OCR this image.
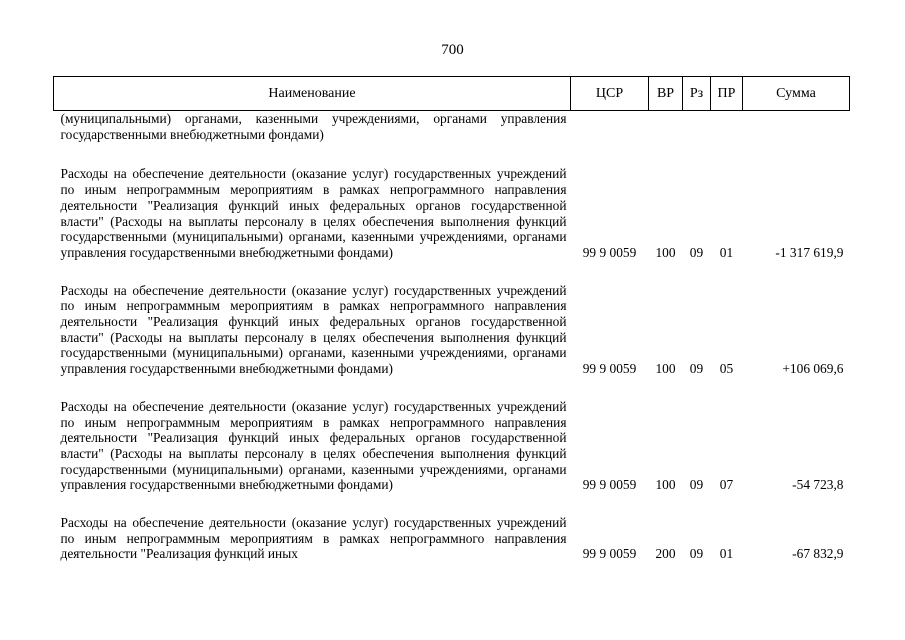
700
Наименование	ЦСР	ВР	Рз	ПР	Сумма

(муниципальными) органами, казенными учреждениями, органами управления государственными внебюджетными фондами)					

Расходы на обеспечение деятельности (оказание услуг) государственных учреждений по иным непрограммным мероприятиям в рамках непрограммного направления деятельности "Реализация функций иных федеральных органов государственной власти" (Расходы на выплаты персоналу в целях обеспечения выполнения функций государственными (муниципальными) органами, казенными учреждениями, органами управления государственными внебюджетными фондами)	99 9 0059	100	09	01	-1 317 619,9

Расходы на обеспечение деятельности (оказание услуг) государственных учреждений по иным непрограммным мероприятиям в рамках непрограммного направления деятельности "Реализация функций иных федеральных органов государственной власти" (Расходы на выплаты персоналу в целях обеспечения выполнения функций государственными (муниципальными) органами, казенными учреждениями, органами управления государственными внебюджетными фондами)	99 9 0059	100	09	05	+106 069,6

Расходы на обеспечение деятельности (оказание услуг) государственных учреждений по иным непрограммным мероприятиям в рамках непрограммного направления деятельности "Реализация функций иных федеральных органов государственной власти" (Расходы на выплаты персоналу в целях обеспечения выполнения функций государственными (муниципальными) органами, казенными учреждениями, органами управления государственными внебюджетными фондами)	99 9 0059	100	09	07	-54 723,8

Расходы на обеспечение деятельности (оказание услуг) государственных учреждений по иным непрограммным мероприятиям в рамках непрограммного направления деятельности "Реализация функций иных	99 9 0059	200	09	01	-67 832,9
